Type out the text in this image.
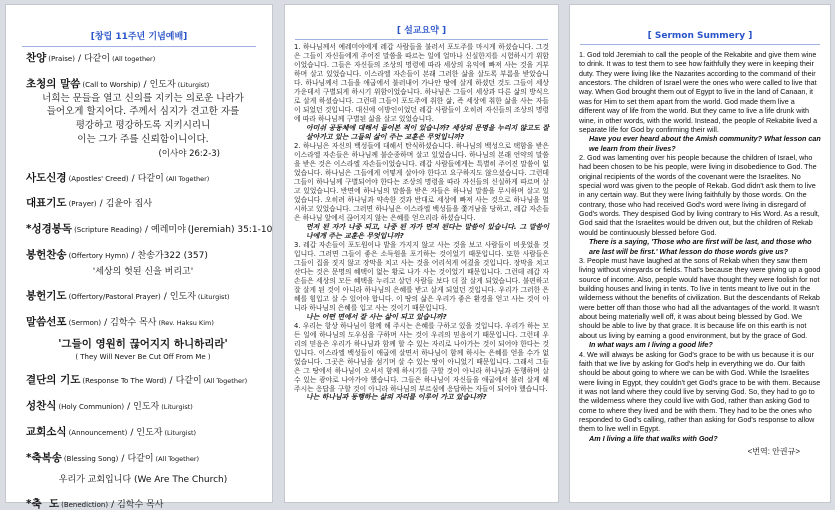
[창립 11주년 기념예배]
찬양 (Praise) / 다같이 (All together)
초청의 말씀 (Call to Worship) / 인도자 (Liturgist)
너희는 문들을 열고 신의를 지키는 의로운 나라가
들어오게 할지어다. 주께서 심지가 견고한 자를
평강하고 평강하도록 지키시리니
이는 그가 주를 신뢰함이니이다.
(이사야 26:2-3)
사도신경 (Apostles' Creed) / 다같이 (All Together)
대표기도 (Prayer) / 김윤아 집사
*성경봉독 (Scripture Reading) / 예레미야 (Jeremiah) 35:1-10
봉헌찬송 (Offertory Hymn) / 찬송가322 (357)
'세상의 헛된 신을 버리고'
봉헌기도 (Offertory/Pastoral Prayer) / 인도자 (Liturgist)
말씀선포 (Sermon) / 김학수 목사 (Rev. Haksu Kim)
'그들이 영원히 끊어지지 하니하리라'
( They Will Never Be Cut Off From Me )
결단의 기도 (Response To The Word) / 다같이 (All Together)
성찬식 (Holy Communion) / 인도자 (Liturgist)
교회소식 (Announcement) / 인도자 (Liturgist)
*축복송 (Blessing Song) / 다같이 (All Together)
우리가 교회입니다 (We Are The Church)
*축  도 (Benediction) / 김학수 목사
[ 설교요약 ]

1. 하나님께서 예레미야에게 레갑 사람들을 불러서 포도주를 마시게 하셨습니다. 그것은 그들이 자신들에게 주어진 말씀을 따르는 일에 얼마나 신실한지를 시험하시기 위함이었습니다. 그들은 자신들의 조상의 명령에 따라 세상의 유익에 빠져 사는 것을 거부하며 살고 있었습니다. 이스라엘 자손들이 본래 그러한 삶을 살도록 부름을 받았습니다. 하나님께서 그들을 애굽에서 불러내어 가나안 땅에 살게 하셨던 것도 그들이 세상 가운데서 구별되게 하시기 위함이었습니다. 하나님은 그들이 세상과 다른 삶의 방식으로 살게 하셨습니다. 그런데 그들이 포도주에 취한 삶, 즉 세상에 취한 삶을 사는 자들이 되었던 것입니다. 대신에 이방인이었던 레갑 사람들이 오히려 자신들의 조상의 명령에 따라 하나님께 구별된 삶을 살고 있었습니다.

아미쉬 공동체에 대해서 들어본 적이 있습니까? 세상의 문명을 누리지 않고도 잘 살아가고 있는 그들의 삶이 주는 교훈은 무엇입니까?

2. 하나님은 자신의 백성들에 대해서 탄식하셨습니다. 하나님의 백성으로 택함을 받은 이스라엘 자손들은 하나님께 불순종하며 살고 있었습니다. 하나님의 본래 언약의 말씀을 받은 것은 이스라엘 자손들이었습니다. 레갑 사람들에게는 특별히 주어진 말씀이 없었습니다. 하나님은 그들에게 어떻게 살아야 한다고 요구하지도 않으셨습니다. 그런데 그들이 하나님께 구별되어야 한다는 조상의 명령을 따라 자신들의 신실하게 따르며 살고 있었습니다. 반면에 하나님의 말씀을 받은 자들은 하나님 말씀을 무시하며 살고 있었습니다. 오히려 하나님과 약속한 것과 반대로 세상에 빠져 사는 것으로 하나님을 멸시하고 있었습니다. 그러면 하나님은 이스라엘 백성들을 쫓겨남을 당하고, 레갑 자손들은 하나님 앞에서 끊어지지 않는 은혜를 얻으리라 하셨습니다.

먼저 된 자가 나중 되고, 나중 된 자가 먼저 된다는 말씀이 있습니다. 그 말씀이 나에게 주는 교훈은 무엇입니까?

3. 레갑 자손들이 포도원이나 밭을 가지지 않고 사는 것을 보고 사람들이 비웃었을 것입니다. 그러면 그들이 좋은 소득원을 포기하는 것이었기 때문입니다. 또한 사람들은 그들이 집을 짓지 않고 장막을 치고 사는 것을 어리석게 여겼을 것입니다. 장막을 치고 산다는 것은 문명의 혜택이 없는 황로 나가 사는 것이었기 때문입니다. 그런데 레갑 자손들은 세상의 모든 혜택을 누리고 살던 사람들 보다 더 잘 살게 되었습니다. 불편하고 잘 살게 된 것이 아니라 하나님의 은혜를 받고 살게 되었던 것입니다. 우리가 그러한 은혜를 힘입고 살 수 있어야 합니다. 이 땅의 삶은 우리가 좋은 환경을 얻고 사는 것이 아니라 하나님의 은혜를 입고 사는 것이기 때문입니다.

나는 어떤 면에서 잘 사는 삶이 되고 있습니까?

4. 우리는 항상 하나님이 함께 해 주시는 은혜를 구하고 있을 것입니다. 우리가 하는 모든 일에 하나님의 도우심을 구하며 사는 것이 우리의 믿음이기 때문입니다. 그런데 우리의 믿음은 우리가 하나님과 함께 할 수 있는 자리로 나아가는 것이 되어야 한다는 것입니다. 이스라엘 백성들이 애굽에 살면서 하나님이 함께 하시는 은혜를 얻을 수가 없었습니다. 그곳은 하나님을 섬기며 살 수 있는 땅이 아니었기 때문입니다. 그래서 그들은 그 땅에서 하나님이 오셔서 함께 하시기를 구할 것이 아니라 하나님과 동행하며 살 수 있는 광야로 나아가야 했습니다. 그들은 하나님이 자신들을 애굽에서 불러 살게 해 주시는 응답을 구할 것이 아니라 하나님의 부르심에 응답하는 자들이 되어야 했습니다.

나는 하나님과 동행하는 삶의 자리를 이루어 가고 있습니까?

[ Sermon Summery ]

1. God told Jeremiah to call the people of the Rekabite and give them wine to drink. It was to test them to see how faithfully they were in keeping their duty. They were living like the Nazarites according to the command of their ancestors. The children of Israel were the ones who were called to live that way. When God brought them out of Egypt to live in the land of Canaan, it was for Him to set them apart from the world. God made them live a different way of life from the world. But they came to live a life drunk with wine, in other words, with the world. Instead, the people of Rekabite lived a separate life for God by confirming their will.

Have you ever heard about the Amish community? What lesson can we learn from their lives?

2. God was lamenting over his people because the children of Israel, who had been chosen to be his people, were living in disobedience to God. The original recipients of the words of the covenant were the Israelites. No special word was given to the people of Rekab. God didn't ask them to live in any certain way. But they were living faithfully by those words. On the contrary, those who had received God's word were living in disregard of God's words. They despised God by living contrary to His Word. As a result, God said that the Israelites would be driven out, but the children of Rekab would be continuously blessed before God.

There is a saying, 'Those who are first will be last, and those who are last will be first.' What lesson do those words give us?

3. People must have laughed at the sons of Rekab when they saw them living without vineyards or fields. That's because they were giving up a good source of income. Also, people would have thought they were foolish for not building houses and living in tents. To live in tents meant to live out in the wilderness without the benefits of civilization. But the descendants of Rekab were better off than those who had all the advantages of the world. It wasn't about being materially well off, it was about being blessed by God. We should be able to live by that grace. It is because life on this earth is not about us living by earning a good environment, but by the grace of God.

In what ways am I living a good life?

4. We will always be asking for God's grace to be with us because it is our faith that we live by asking for God's help in everything we do. Our faith should be about going to where we can be with God. While the Israelites were living in Egypt, they couldn't get God's grace to be with them. Because it was not land where they could live by serving God. So, they had to go to the wilderness where they could live with God, rather than asking God to come to where they lived and be with them. They had to be the ones who responded to God's calling, rather than asking for God's response to allow them to live well in Egypt.

Am I living a life that walks with God?

<번역: 안권규>
